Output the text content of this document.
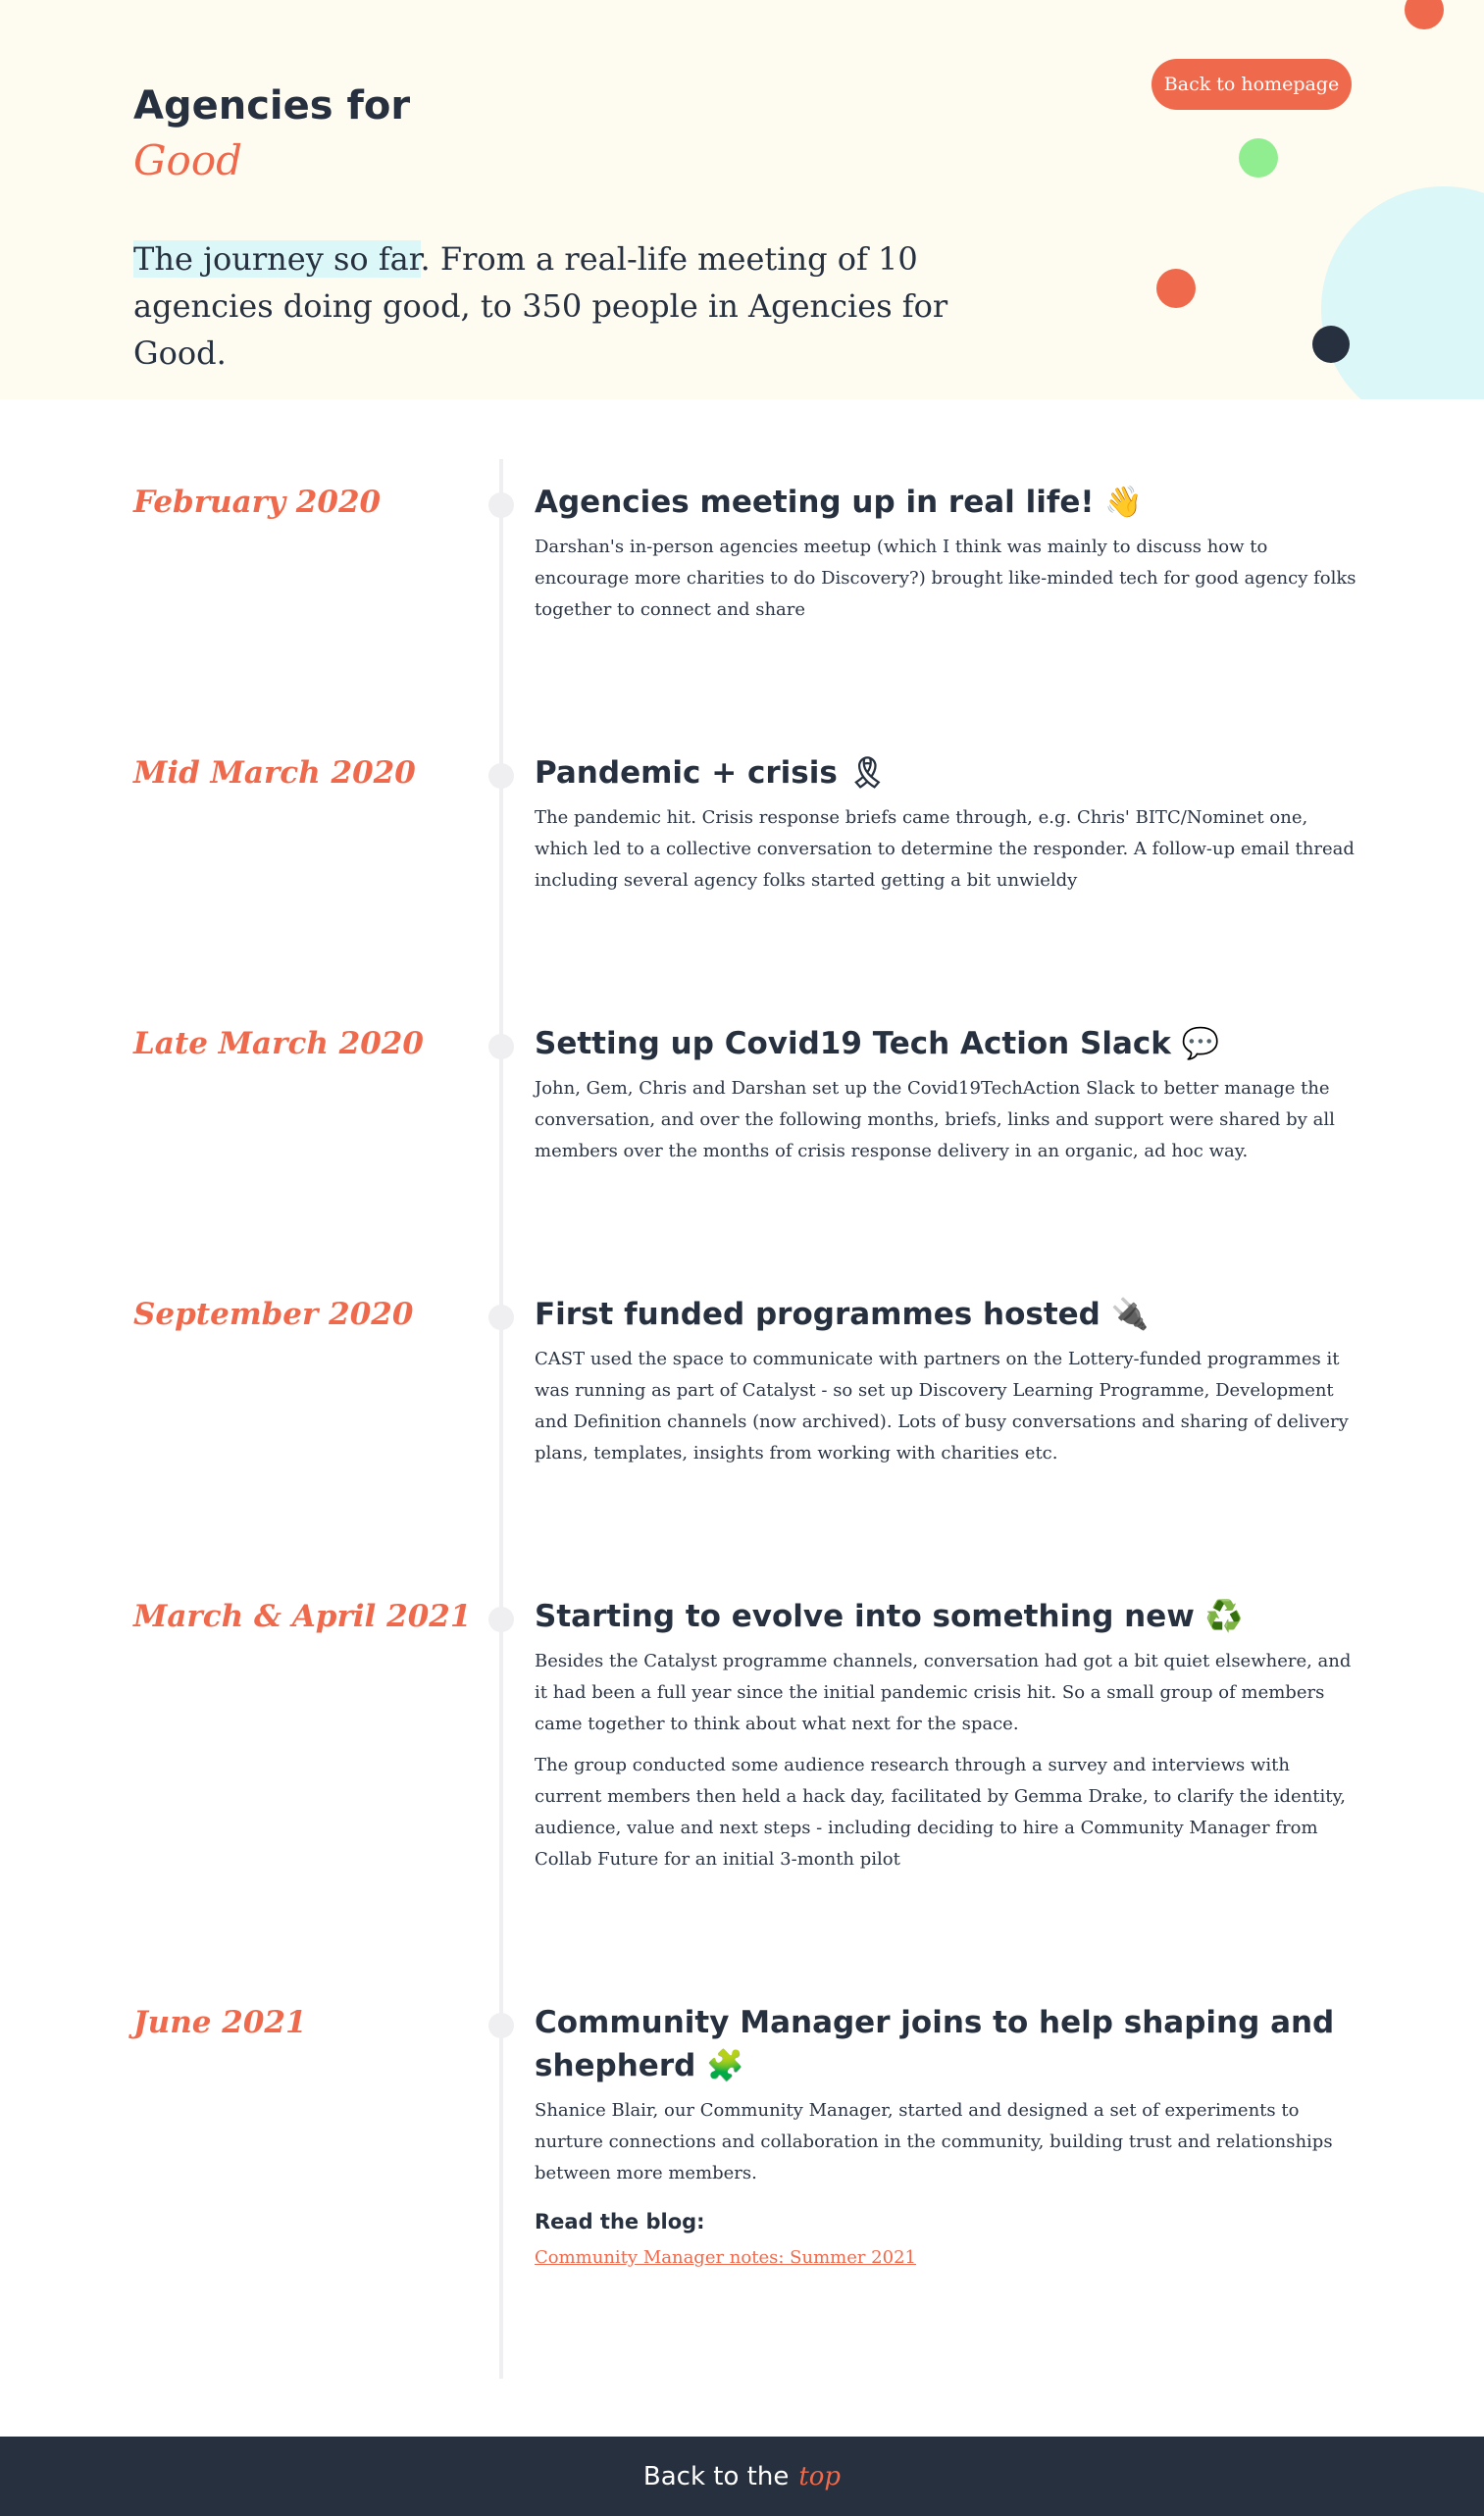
Agencies for
Good

The journey so far. From a real-life meeting of 10 agencies doing good, to 350 people in Agencies for Good.

Back to homepage
February 2020	Agencies meeting up in real life! 👋

Darshan's in-person agencies meetup (which I think was mainly to discuss how to encourage more charities to do Discovery?) brought like-minded tech for good agency folks together to connect and share

Mid March 2020	Pandemic + crisis 🎗

The pandemic hit. Crisis response briefs came through, e.g. Chris' BITC/Nominet one, which led to a collective conversation to determine the responder. A follow-up email thread including several agency folks started getting a bit unwieldy

Late March 2020	Setting up Covid19 Tech Action Slack 💬

John, Gem, Chris and Darshan set up the Covid19TechAction Slack to better manage the conversation, and over the following months, briefs, links and support were shared by all members over the months of crisis response delivery in an organic, ad hoc way.

September 2020	First funded programmes hosted 🔌

CAST used the space to communicate with partners on the Lottery-funded programmes it was running as part of Catalyst - so set up Discovery Learning Programme, Development and Definition channels (now archived). Lots of busy conversations and sharing of delivery plans, templates, insights from working with charities etc.

March & April 2021 Starting to evolve into something new ♻️

Besides the Catalyst programme channels, conversation had got a bit quiet elsewhere, and it had been a full year since the initial pandemic crisis hit. So a small group of members came together to think about what next for the space.

The group conducted some audience research through a survey and interviews with current members then held a hack day, facilitated by Gemma Drake, to clarify the identity, audience, value and next steps - including deciding to hire a Community Manager from Collab Future for an initial 3-month pilot

June 2021	Community Manager joins to help shaping and shepherd 🧩

Shanice Blair, our Community Manager, started and designed a set of experiments to nurture connections and collaboration in the community, building trust and relationships between more members.

Read the blog:
Community Manager notes: Summer 2021
Back to the top
